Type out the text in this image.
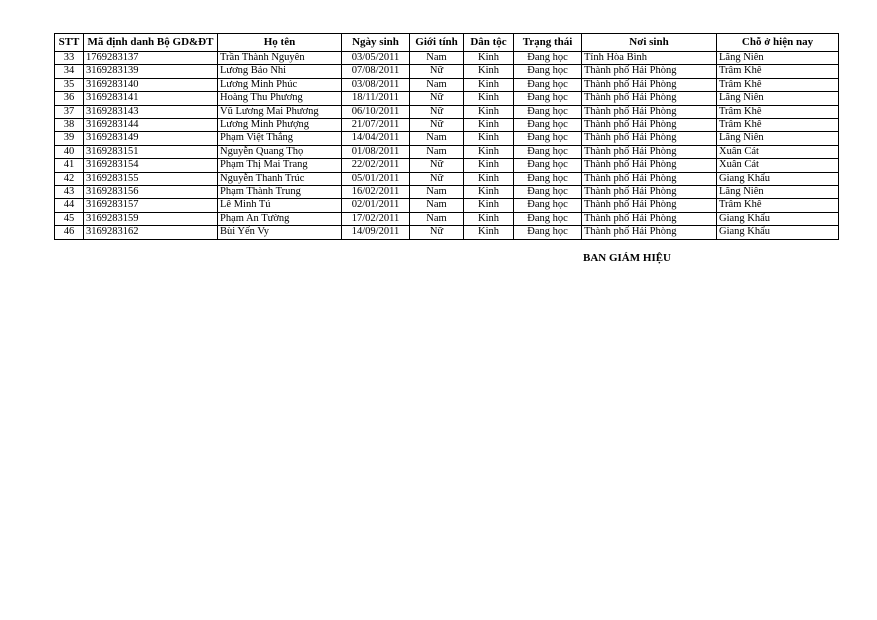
STT	Mã định danh Bộ GD&ĐT	Họ tên	Ngày sinh	Giới tính	Dân tộc	Trạng thái	Nơi sinh	Chỗ ở hiện nay
33	1769283137	Trần Thành Nguyên	03/05/2011	Nam	Kinh	Đang học	Tỉnh Hòa Bình	Lãng Niên
34	3169283139	Lương Bảo Nhi	07/08/2011	Nữ	Kinh	Đang học	Thành phố Hải Phòng	Trâm Khê
35	3169283140	Lương Minh Phúc	03/08/2011	Nam	Kinh	Đang học	Thành phố Hải Phòng	Trâm Khê
36	3169283141	Hoàng Thu Phương	18/11/2011	Nữ	Kinh	Đang học	Thành phố Hải Phòng	Lãng Niên
37	3169283143	Vũ Lương Mai Phương	06/10/2011	Nữ	Kinh	Đang học	Thành phố Hải Phòng	Trâm Khê
38	3169283144	Lương Minh Phượng	21/07/2011	Nữ	Kinh	Đang học	Thành phố Hải Phòng	Trâm Khê
39	3169283149	Phạm Việt Thắng	14/04/2011	Nam	Kinh	Đang học	Thành phố Hải Phòng	Lãng Niên
40	3169283151	Nguyễn Quang Thọ	01/08/2011	Nam	Kinh	Đang học	Thành phố Hải Phòng	Xuân Cát
41	3169283154	Phạm Thị Mai Trang	22/02/2011	Nữ	Kinh	Đang học	Thành phố Hải Phòng	Xuân Cát
42	3169283155	Nguyễn Thanh Trúc	05/01/2011	Nữ	Kinh	Đang học	Thành phố Hải Phòng	Giang Khẩu
43	3169283156	Phạm Thành Trung	16/02/2011	Nam	Kinh	Đang học	Thành phố Hải Phòng	Lãng Niên
44	3169283157	Lê Minh Tú	02/01/2011	Nam	Kinh	Đang học	Thành phố Hải Phòng	Trâm Khê
45	3169283159	Phạm An Tường	17/02/2011	Nam	Kinh	Đang học	Thành phố Hải Phòng	Giang Khẩu
46	3169283162	Bùi Yến Vy	14/09/2011	Nữ	Kinh	Đang học	Thành phố Hải Phòng	Giang Khẩu
BAN GIÁM HIỆU
